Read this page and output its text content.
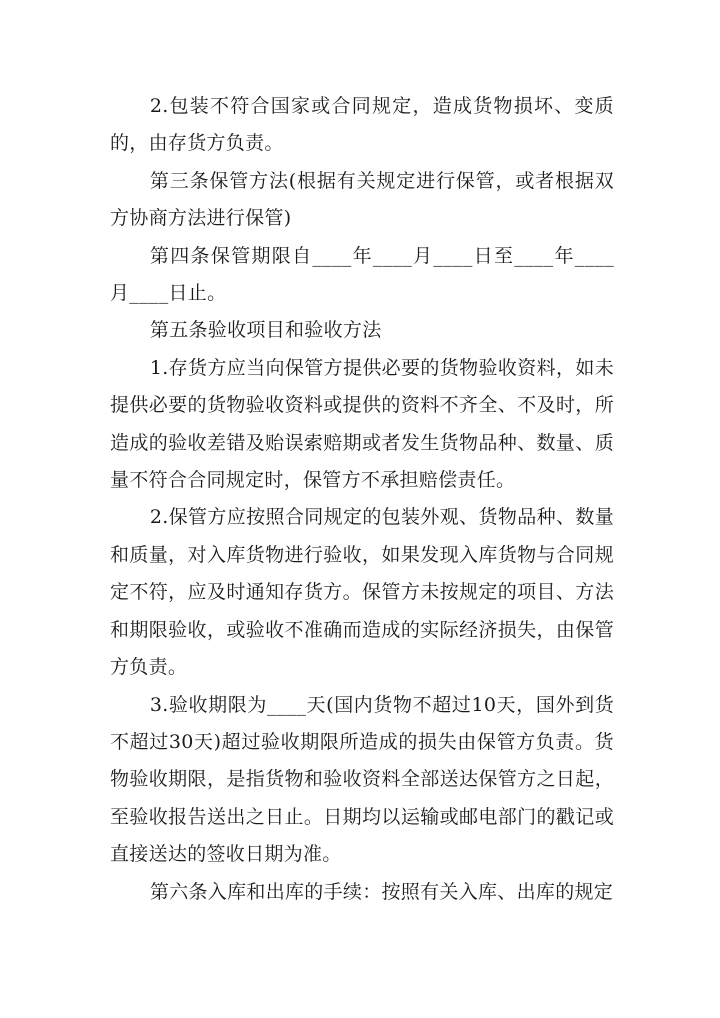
2.包装不符合国家或合同规定，造成货物损坏、变质的，由存货方负责。

第三条保管方法(根据有关规定进行保管，或者根据双方协商方法进行保管)

第四条保管期限自____年____月____日至____年____月____日止。

第五条验收项目和验收方法

1.存货方应当向保管方提供必要的货物验收资料，如未提供必要的货物验收资料或提供的资料不齐全、不及时，所造成的验收差错及贻误索赔期或者发生货物品种、数量、质量不符合合同规定时，保管方不承担赔偿责任。

2.保管方应按照合同规定的包装外观、货物品种、数量和质量，对入库货物进行验收，如果发现入库货物与合同规定不符，应及时通知存货方。保管方未按规定的项目、方法和期限验收，或验收不准确而造成的实际经济损失，由保管方负责。

3.验收期限为____天(国内货物不超过10天，国外到货不超过30天)超过验收期限所造成的损失由保管方负责。货物验收期限，是指货物和验收资料全部送达保管方之日起，至验收报告送出之日止。日期均以运输或邮电部门的戳记或直接送达的签收日期为准。

第六条入库和出库的手续：按照有关入库、出库的规定
